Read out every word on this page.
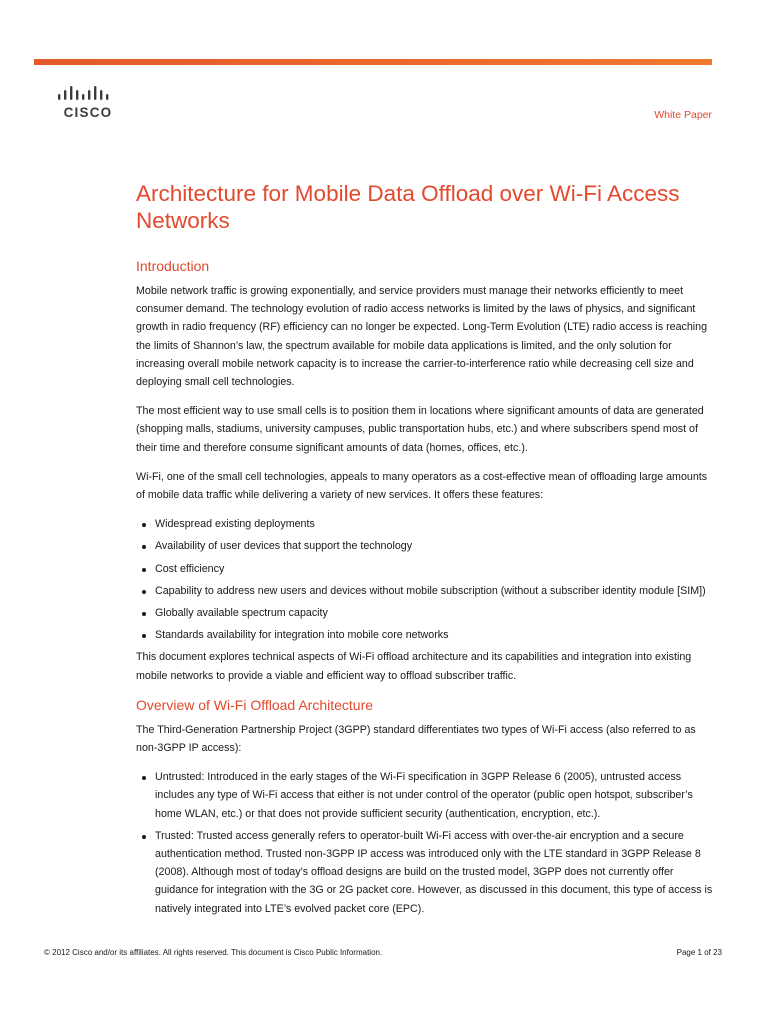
CISCO	White Paper
Architecture for Mobile Data Offload over Wi-Fi Access Networks
Introduction

Mobile network traffic is growing exponentially, and service providers must manage their networks efficiently to meet consumer demand. The technology evolution of radio access networks is limited by the laws of physics, and significant growth in radio frequency (RF) efficiency can no longer be expected. Long-Term Evolution (LTE) radio access is reaching the limits of Shannon’s law, the spectrum available for mobile data applications is limited, and the only solution for increasing overall mobile network capacity is to increase the carrier-to-interference ratio while decreasing cell size and deploying small cell technologies.

The most efficient way to use small cells is to position them in locations where significant amounts of data are generated (shopping malls, stadiums, university campuses, public transportation hubs, etc.) and where subscribers spend most of their time and therefore consume significant amounts of data (homes, offices, etc.).

Wi-Fi, one of the small cell technologies, appeals to many operators as a cost-effective mean of offloading large amounts of mobile data traffic while delivering a variety of new services. It offers these features:

Widespread existing deployments
Availability of user devices that support the technology
Cost efficiency
Capability to address new users and devices without mobile subscription (without a subscriber identity module [SIM])
Globally available spectrum capacity
Standards availability for integration into mobile core networks

This document explores technical aspects of Wi-Fi offload architecture and its capabilities and integration into existing mobile networks to provide a viable and efficient way to offload subscriber traffic.

Overview of Wi-Fi Offload Architecture

The Third-Generation Partnership Project (3GPP) standard differentiates two types of Wi-Fi access (also referred to as non-3GPP IP access):

Untrusted: Introduced in the early stages of the Wi-Fi specification in 3GPP Release 6 (2005), untrusted access includes any type of Wi-Fi access that either is not under control of the operator (public open hotspot, subscriber’s home WLAN, etc.) or that does not provide sufficient security (authentication, encryption, etc.).
Trusted: Trusted access generally refers to operator-built Wi-Fi access with over-the-air encryption and a secure authentication method. Trusted non-3GPP IP access was introduced only with the LTE standard in 3GPP Release 8 (2008). Although most of today’s offload designs are build on the trusted model, 3GPP does not currently offer guidance for integration with the 3G or 2G packet core. However, as discussed in this document, this type of access is natively integrated into LTE’s evolved packet core (EPC).
© 2012 Cisco and/or its affiliates. All rights reserved. This document is Cisco Public Information.	Page 1 of 23
